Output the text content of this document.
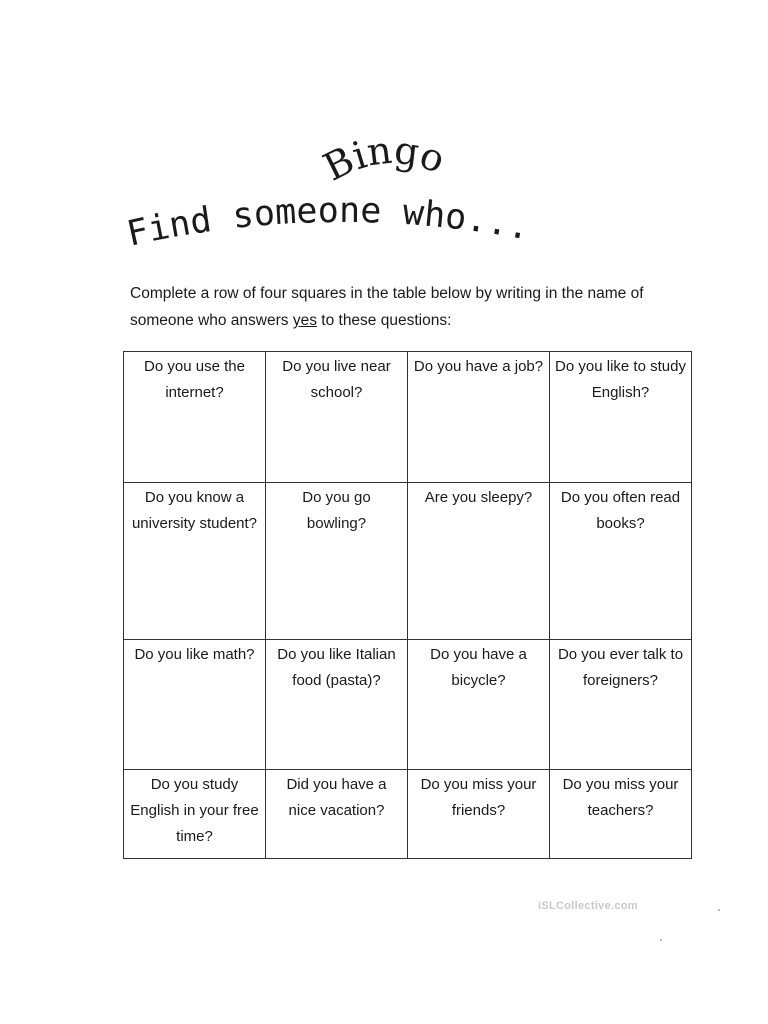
Bingo
Find someone who...

Complete a row of four squares in the table below by writing in the name of someone who answers yes to these questions:

Do you use the internet?	Do you live near school?	Do you have a job?	Do you like to study English?
Do you know a university student?	Do you go bowling?	Are you sleepy?	Do you often read books?
Do you like math?	Do you like Italian food (pasta)?	Do you have a bicycle?	Do you ever talk to foreigners?
Do you study English in your free time?	Did you have a nice vacation?	Do you miss your friends?	Do you miss your teachers?
iSLCollective.com
